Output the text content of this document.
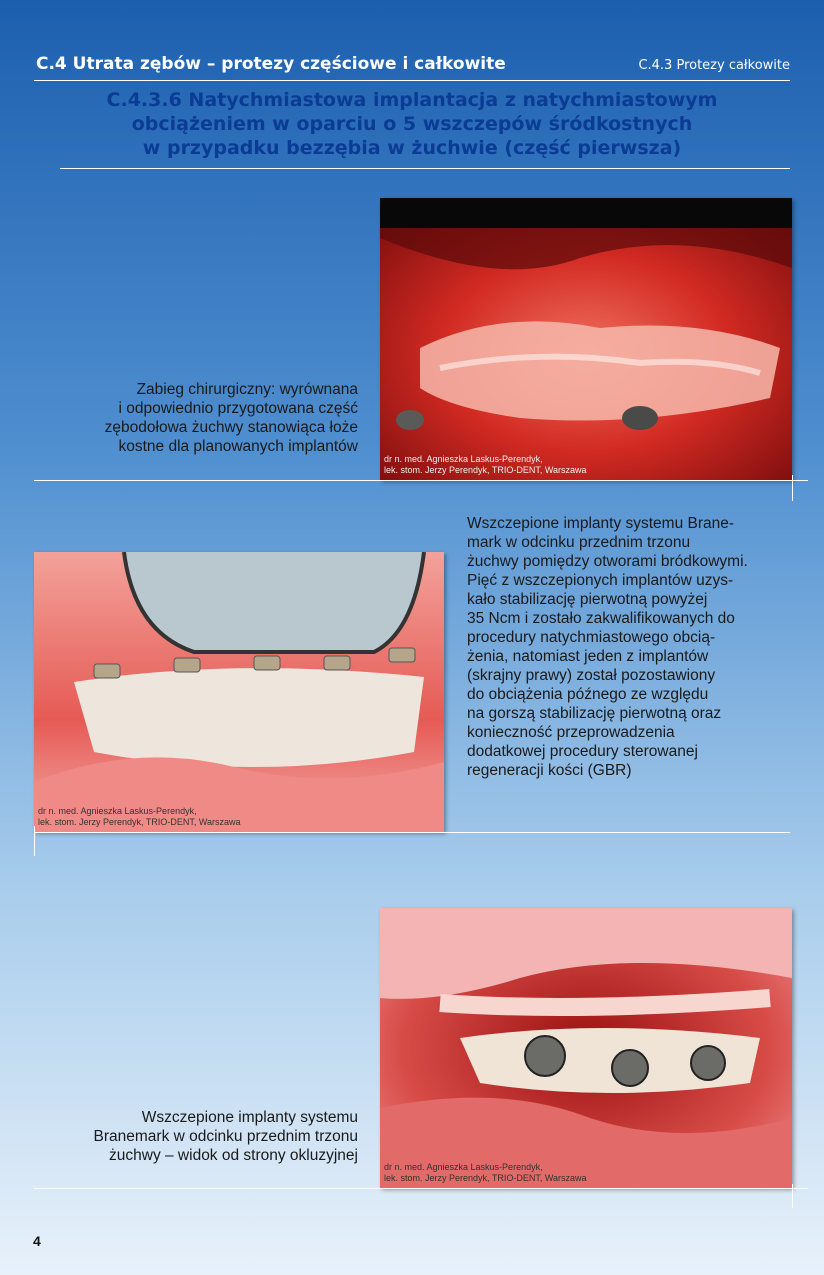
C.4 Utrata zębów – protezy częściowe i całkowite	C.4.3 Protezy całkowite
C.4.3.6 Natychmiastowa implantacja z natychmiastowym
obciążeniem w oparciu o 5 wszczepów śródkostnych
w przypadku bezzębia w żuchwie (część pierwsza)
dr n. med. Agnieszka Laskus-Perendyk,
lek. stom. Jerzy Perendyk, TRIO-DENT, Warszawa
Zabieg chirurgiczny: wyrównana
i odpowiednio przygotowana część
zębodołowa żuchwy stanowiąca łoże
kostne dla planowanych implantów
dr n. med. Agnieszka Laskus-Perendyk,
lek. stom. Jerzy Perendyk, TRIO-DENT, Warszawa
Wszczepione implanty systemu Brane-
mark w odcinku przednim trzonu
żuchwy pomiędzy otworami bródkowymi.
Pięć z wszczepionych implantów uzys-
kało stabilizację pierwotną powyżej
35 Ncm i zostało zakwalifikowanych do
procedury natychmiastowego obcią-
żenia, natomiast jeden z implantów
(skrajny prawy) został pozostawiony
do obciążenia późnego ze względu
na gorszą stabilizację pierwotną oraz
konieczność przeprowadzenia
dodatkowej procedury sterowanej
regeneracji kości (GBR)
dr n. med. Agnieszka Laskus-Perendyk,
lek. stom. Jerzy Perendyk, TRIO-DENT, Warszawa
Wszczepione implanty systemu
Branemark w odcinku przednim trzonu
żuchwy – widok od strony okluzyjnej
4
